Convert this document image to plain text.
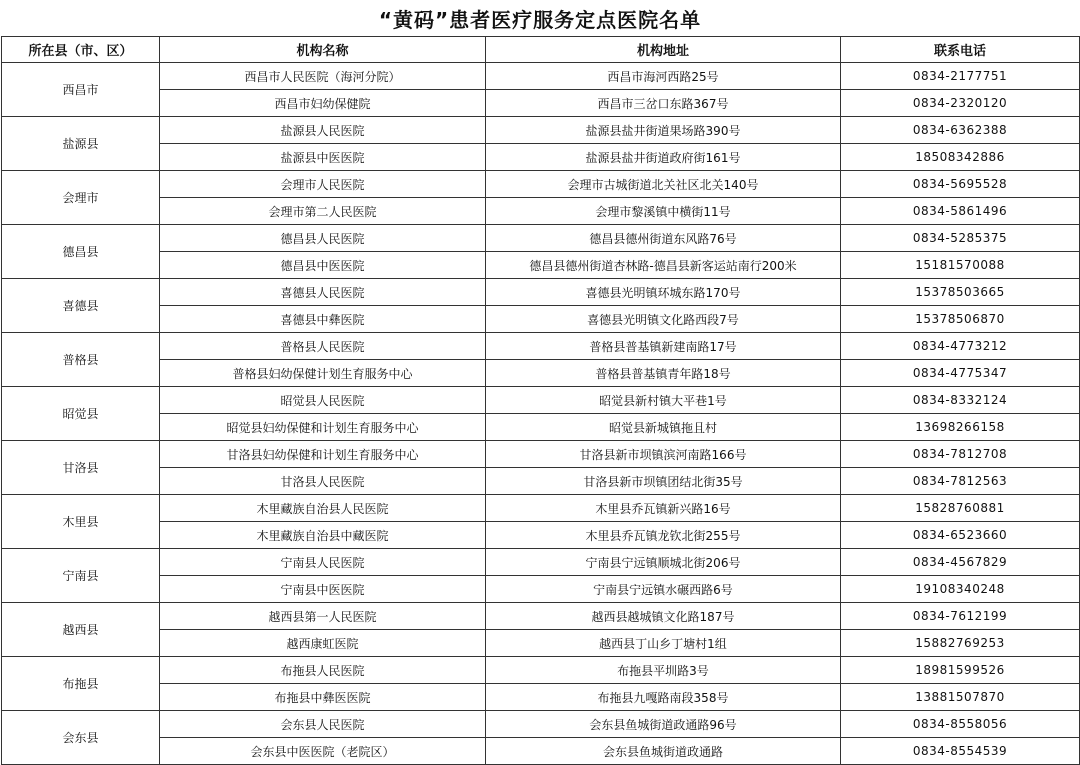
“黄码”患者医疗服务定点医院名单
所在县（市、区）	机构名称	机构地址	联系电话
西昌市	西昌市人民医院（海河分院）	西昌市海河西路25号	0834-2177751
	西昌市妇幼保健院	西昌市三岔口东路367号	0834-2320120
盐源县	盐源县人民医院	盐源县盐井街道果场路390号	0834-6362388
	盐源县中医医院	盐源县盐井街道政府街161号	18508342886
会理市	会理市人民医院	会理市古城街道北关社区北关140号	0834-5695528
	会理市第二人民医院	会理市黎溪镇中横街11号	0834-5861496
德昌县	德昌县人民医院	德昌县德州街道东风路76号	0834-5285375
	德昌县中医医院	德昌县德州街道杏林路-德昌县新客运站南行200米	15181570088
喜德县	喜德县人民医院	喜德县光明镇环城东路170号	15378503665
	喜德县中彝医院	喜德县光明镇文化路西段7号	15378506870
普格县	普格县人民医院	普格县普基镇新建南路17号	0834-4773212
	普格县妇幼保健计划生育服务中心	普格县普基镇青年路18号	0834-4775347
昭觉县	昭觉县人民医院	昭觉县新村镇大平巷1号	0834-8332124
	昭觉县妇幼保健和计划生育服务中心	昭觉县新城镇拖且村	13698266158
甘洛县	甘洛县妇幼保健和计划生育服务中心	甘洛县新市坝镇滨河南路166号	0834-7812708
	甘洛县人民医院	甘洛县新市坝镇团结北街35号	0834-7812563
木里县	木里藏族自治县人民医院	木里县乔瓦镇新兴路16号	15828760881
	木里藏族自治县中藏医院	木里县乔瓦镇龙钦北街255号	0834-6523660
宁南县	宁南县人民医院	宁南县宁远镇顺城北街206号	0834-4567829
	宁南县中医医院	宁南县宁远镇水碾西路6号	19108340248
越西县	越西县第一人民医院	越西县越城镇文化路187号	0834-7612199
	越西康虹医院	越西县丁山乡丁塘村1组	15882769253
布拖县	布拖县人民医院	布拖县平圳路3号	18981599526
	布拖县中彝医医院	布拖县九嘎路南段358号	13881507870
会东县	会东县人民医院	会东县鱼城街道政通路96号	0834-8558056
	会东县中医医院（老院区）	会东县鱼城街道政通路	0834-8554539
